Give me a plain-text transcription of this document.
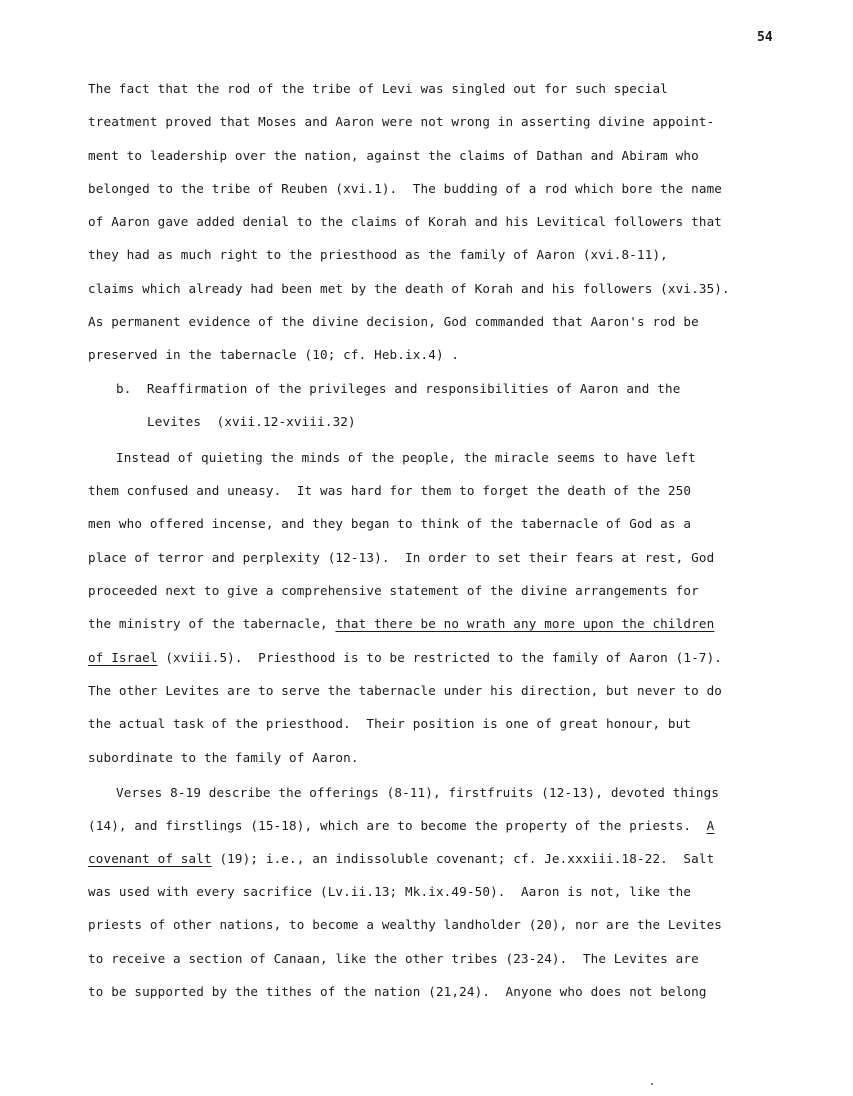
54
The fact that the rod of the tribe of Levi was singled out for such special
treatment proved that Moses and Aaron were not wrong in asserting divine appoint-
ment to leadership over the nation, against the claims of Dathan and Abiram who
belonged to the tribe of Reuben (xvi.1).  The budding of a rod which bore the name
of Aaron gave added denial to the claims of Korah and his Levitical followers that
they had as much right to the priesthood as the family of Aaron (xvi.8-11),
claims which already had been met by the death of Korah and his followers (xvi.35).
As permanent evidence of the divine decision, God commanded that Aaron's rod be
preserved in the tabernacle (10; cf. Heb.ix.4) .
b.  Reaffirmation of the privileges and responsibilities of Aaron and the
Levites  (xvii.12-xviii.32)
Instead of quieting the minds of the people, the miracle seems to have left
them confused and uneasy.  It was hard for them to forget the death of the 250
men who offered incense, and they began to think of the tabernacle of God as a
place of terror and perplexity (12-13).  In order to set their fears at rest, God
proceeded next to give a comprehensive statement of the divine arrangements for
the ministry of the tabernacle, that there be no wrath any more upon the children
of Israel (xviii.5).  Priesthood is to be restricted to the family of Aaron (1-7).
The other Levites are to serve the tabernacle under his direction, but never to do
the actual task of the priesthood.  Their position is one of great honour, but
subordinate to the family of Aaron.
Verses 8-19 describe the offerings (8-11), firstfruits (12-13), devoted things
(14), and firstlings (15-18), which are to become the property of the priests.  A
covenant of salt (19); i.e., an indissoluble covenant; cf. Je.xxxiii.18-22.  Salt
was used with every sacrifice (Lv.ii.13; Mk.ix.49-50).  Aaron is not, like the
priests of other nations, to become a wealthy landholder (20), nor are the Levites
to receive a section of Canaan, like the other tribes (23-24).  The Levites are
to be supported by the tithes of the nation (21,24).  Anyone who does not belong
